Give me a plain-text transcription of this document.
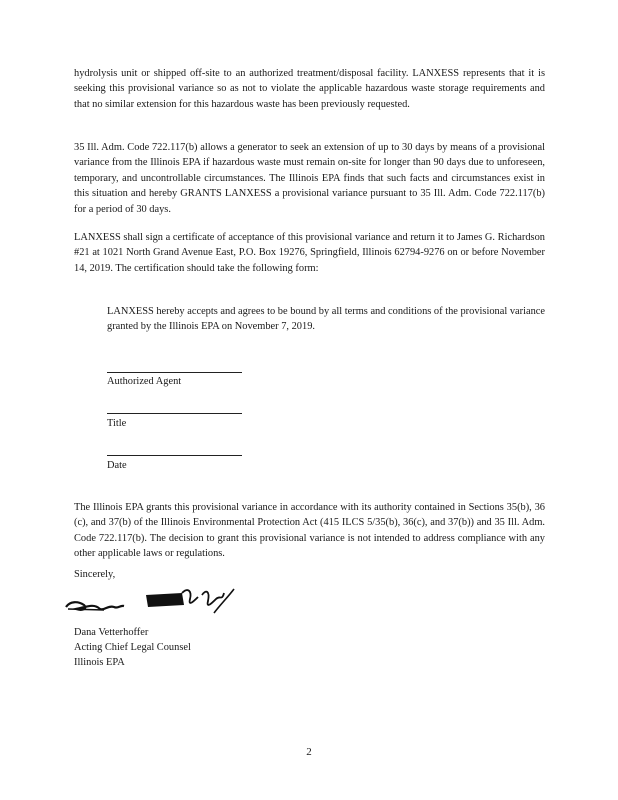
hydrolysis unit or shipped off-site to an authorized treatment/disposal facility. LANXESS represents that it is seeking this provisional variance so as not to violate the applicable hazardous waste storage requirements and that no similar extension for this hazardous waste has been previously requested.

35 Ill. Adm. Code 722.117(b) allows a generator to seek an extension of up to 30 days by means of a provisional variance from the Illinois EPA if hazardous waste must remain on-site for longer than 90 days due to unforeseen, temporary, and uncontrollable circumstances. The Illinois EPA finds that such facts and circumstances exist in this situation and hereby GRANTS LANXESS a provisional variance pursuant to 35 Ill. Adm. Code 722.117(b) for a period of 30 days.

LANXESS shall sign a certificate of acceptance of this provisional variance and return it to James G. Richardson #21 at 1021 North Grand Avenue East, P.O. Box 19276, Springfield, Illinois 62794-9276 on or before November 14, 2019. The certification should take the following form:

LANXESS hereby accepts and agrees to be bound by all terms and conditions of the provisional variance granted by the Illinois EPA on November 7, 2019.

Authorized Agent
Title
Date

The Illinois EPA grants this provisional variance in accordance with its authority contained in Sections 35(b), 36 (c), and 37(b) of the Illinois Environmental Protection Act (415 ILCS 5/35(b), 36(c), and 37(b)) and 35 Ill. Adm. Code 722.117(b). The decision to grant this provisional variance is not intended to address compliance with any other applicable laws or regulations.

Sincerely,
Dana Vetterhoffer
Acting Chief Legal Counsel
Illinois EPA
2
